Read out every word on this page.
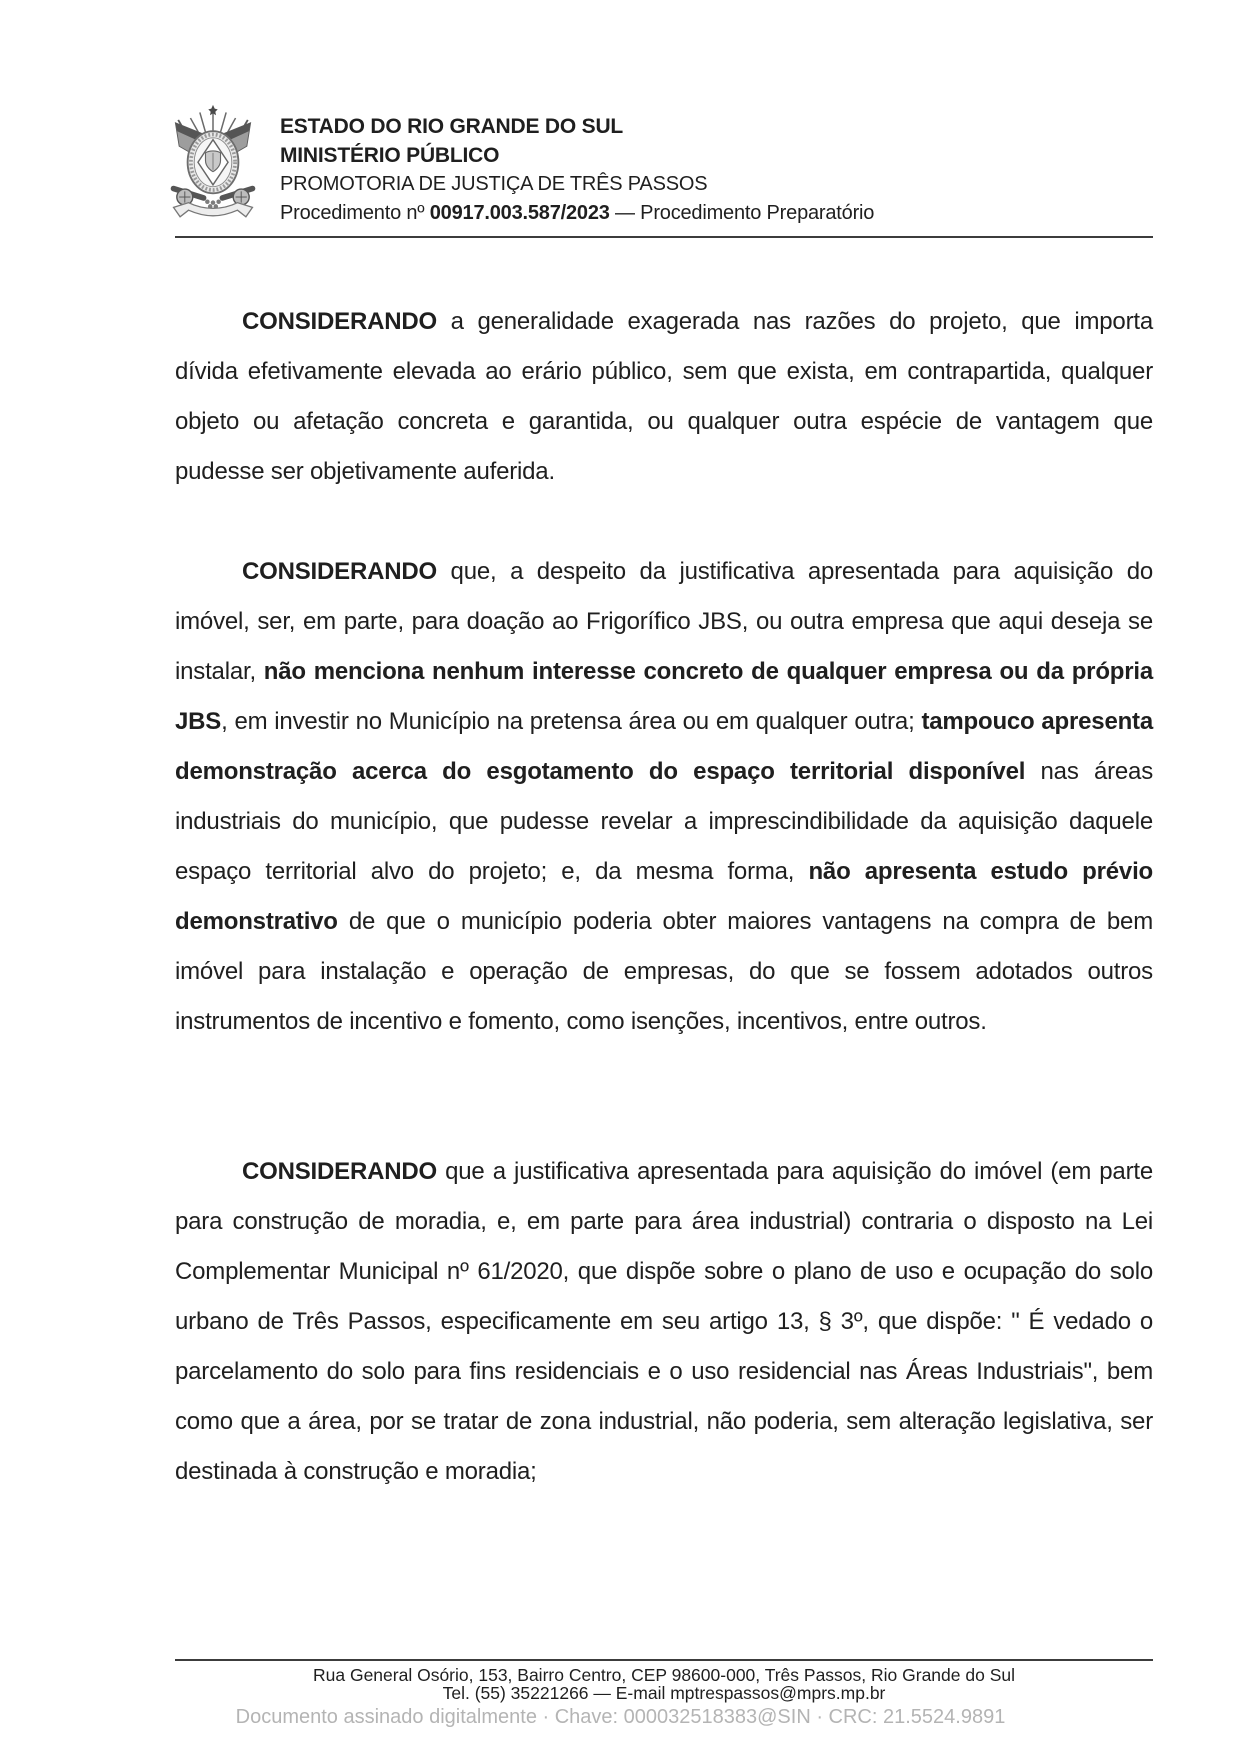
ESTADO DO RIO GRANDE DO SUL
MINISTÉRIO PÚBLICO
PROMOTORIA DE JUSTIÇA DE TRÊS PASSOS
Procedimento nº 00917.003.587/2023 — Procedimento Preparatório

CONSIDERANDO a generalidade exagerada nas razões do projeto, que importa dívida efetivamente elevada ao erário público, sem que exista, em contrapartida, qualquer objeto ou afetação concreta e garantida, ou qualquer outra espécie de vantagem que pudesse ser objetivamente auferida.

CONSIDERANDO que, a despeito da justificativa apresentada para aquisição do imóvel, ser, em parte, para doação ao Frigorífico JBS, ou outra empresa que aqui deseja se instalar, não menciona nenhum interesse concreto de qualquer empresa ou da própria JBS, em investir no Município na pretensa área ou em qualquer outra; tampouco apresenta demonstração acerca do esgotamento do espaço territorial disponível nas áreas industriais do município, que pudesse revelar a imprescindibilidade da aquisição daquele espaço territorial alvo do projeto; e, da mesma forma, não apresenta estudo prévio demonstrativo de que o município poderia obter maiores vantagens na compra de bem imóvel para instalação e operação de empresas, do que se fossem adotados outros instrumentos de incentivo e fomento, como isenções, incentivos, entre outros.

CONSIDERANDO que a justificativa apresentada para aquisição do imóvel (em parte para construção de moradia, e, em parte para área industrial) contraria o disposto na Lei Complementar Municipal nº 61/2020, que dispõe sobre o plano de uso e ocupação do solo urbano de Três Passos, especificamente em seu artigo 13, § 3º, que dispõe: " É vedado o parcelamento do solo para fins residenciais e o uso residencial nas Áreas Industriais", bem como que a área, por se tratar de zona industrial, não poderia, sem alteração legislativa, ser destinada à construção e moradia;

Rua General Osório, 153, Bairro Centro, CEP 98600-000, Três Passos, Rio Grande do Sul
Tel. (55) 35221266 — E-mail mptrespassos@mprs.mp.br
Documento assinado digitalmente · Chave: 000032518383@SIN · CRC: 21.5524.9891
